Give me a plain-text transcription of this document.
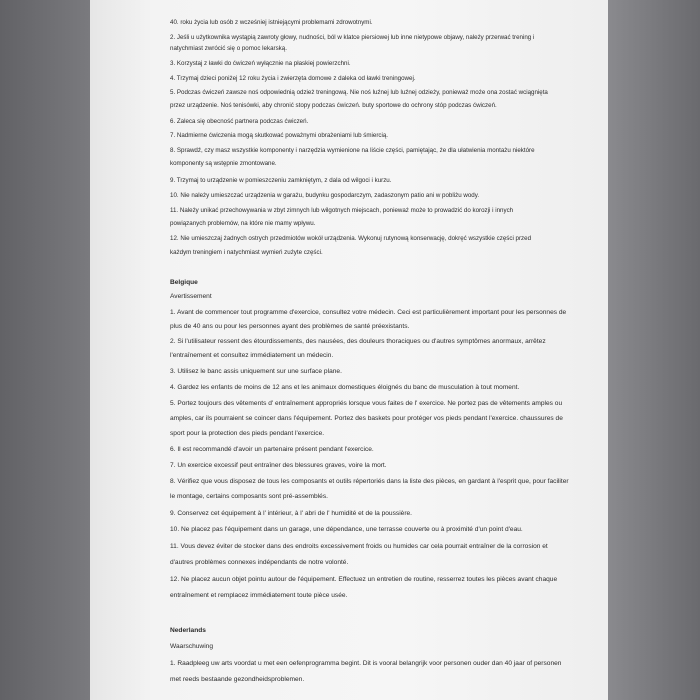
40. roku życia lub osób z wcześniej istniejącymi problemami zdrowotnymi.
2. Jeśli u użytkownika wystąpią zawroty głowy, nudności, ból w klatce piersiowej lub inne nietypowe objawy, należy przerwać trening i
natychmiast zwrócić się o pomoc lekarską.
3. Korzystaj z ławki do ćwiczeń wyłącznie na płaskiej powierzchni.
4. Trzymaj dzieci poniżej 12 roku życia i zwierzęta domowe z daleka od ławki treningowej.
5. Podczas ćwiczeń zawsze noś odpowiednią odzież treningową. Nie noś luźnej lub luźnej odzieży, ponieważ może ona zostać wciągnięta
przez urządzenie. Noś tenisówki, aby chronić stopy podczas ćwiczeń. buty sportowe do ochrony stóp podczas ćwiczeń.
6. Zaleca się obecność partnera podczas ćwiczeń.
7. Nadmierne ćwiczenia mogą skutkować poważnymi obrażeniami lub śmiercią.
8. Sprawdź, czy masz wszystkie komponenty i narzędzia wymienione na liście części, pamiętając, że dla ułatwienia montażu niektóre
komponenty są wstępnie zmontowane.
9. Trzymaj to urządzenie w pomieszczeniu zamkniętym, z dala od wilgoci i kurzu.
10. Nie należy umieszczać urządzenia w garażu, budynku gospodarczym, zadaszonym patio ani w pobliżu wody.
11. Należy unikać przechowywania w zbyt zimnych lub wilgotnych miejscach, ponieważ może to prowadzić do korozji i innych
powiązanych problemów, na które nie mamy wpływu.
12. Nie umieszczaj żadnych ostrych przedmiotów wokół urządzenia. Wykonuj rutynową konserwację, dokręć wszystkie części przed
każdym treningiem i natychmiast wymień zużyte części.
Belgique
Avertissement
1. Avant de commencer tout programme d'exercice, consultez votre médecin. Ceci est particulièrement important pour les personnes de
plus de 40 ans ou pour les personnes ayant des problèmes de santé préexistants.
2. Si l'utilisateur ressent des étourdissements, des nausées, des douleurs thoraciques ou d'autres symptômes anormaux, arrêtez
l'entraînement et consultez immédiatement un médecin.
3. Utilisez le banc assis uniquement sur une surface plane.
4. Gardez les enfants de moins de 12 ans et les animaux domestiques éloignés du banc de musculation à tout moment.
5. Portez toujours des vêtements d' entraînement appropriés lorsque vous faites de l' exercice. Ne portez pas de vêtements amples ou
amples, car ils pourraient se coincer dans l'équipement. Portez des baskets pour protéger vos pieds pendant l'exercice. chaussures de
sport pour la protection des pieds pendant l'exercice.
6. Il est recommandé d'avoir un partenaire présent pendant l'exercice.
7. Un exercice excessif peut entraîner des blessures graves, voire la mort.
8. Vérifiez que vous disposez de tous les composants et outils répertoriés dans la liste des pièces, en gardant à l'esprit que, pour faciliter
le montage, certains composants sont pré-assemblés.
9. Conservez cet équipement à l' intérieur, à l' abri de l' humidité et de la poussière.
10. Ne placez pas l'équipement dans un garage, une dépendance, une terrasse couverte ou à proximité d'un point d'eau.
11. Vous devez éviter de stocker dans des endroits excessivement froids ou humides car cela pourrait entraîner de la corrosion et
d'autres problèmes connexes indépendants de notre volonté.
12. Ne placez aucun objet pointu autour de l'équipement. Effectuez un entretien de routine, resserrez toutes les pièces avant chaque
entraînement et remplacez immédiatement toute pièce usée.
Nederlands
Waarschuwing
1. Raadpleeg uw arts voordat u met een oefenprogramma begint. Dit is vooral belangrijk voor personen ouder dan 40 jaar of personen
met reeds bestaande gezondheidsproblemen.
